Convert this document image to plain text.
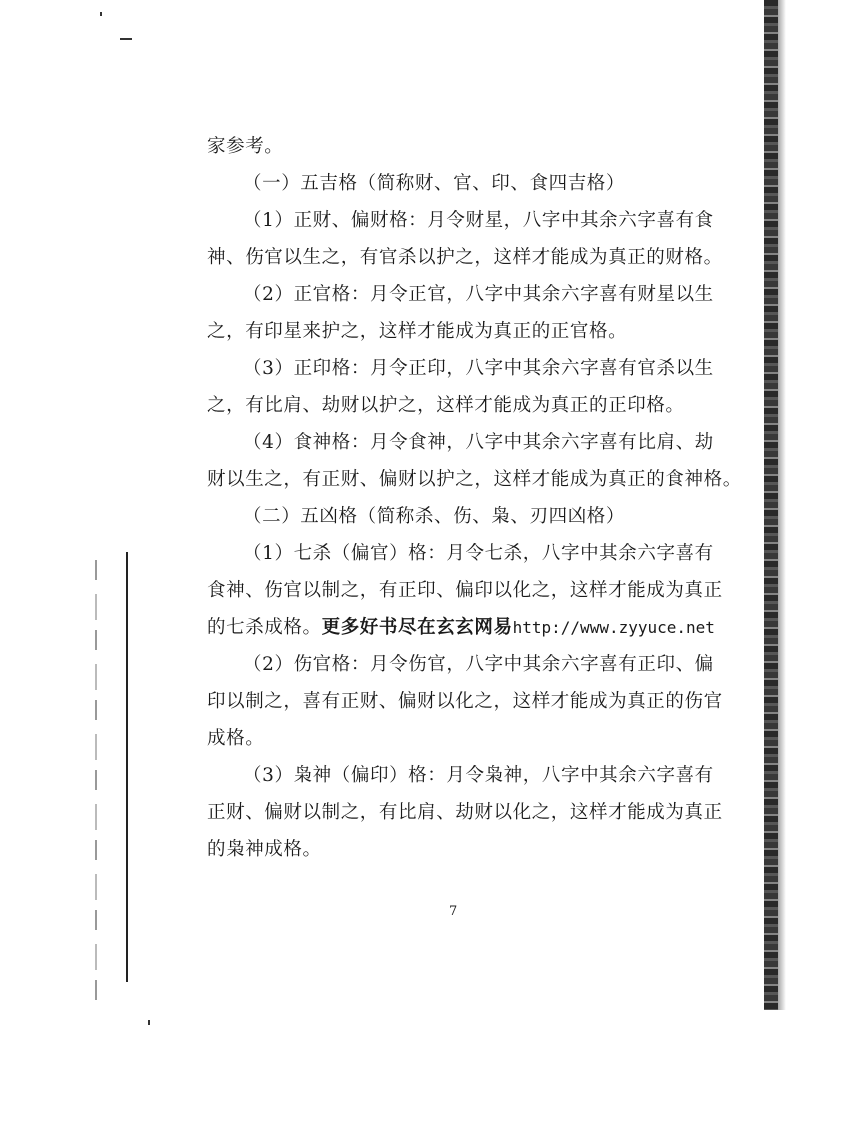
家参考。
（一）五吉格（简称财、官、印、食四吉格）
（1）正财、偏财格：月令财星，八字中其余六字喜有食
神、伤官以生之，有官杀以护之，这样才能成为真正的财格。
（2）正官格：月令正官，八字中其余六字喜有财星以生
之，有印星来护之，这样才能成为真正的正官格。
（3）正印格：月令正印，八字中其余六字喜有官杀以生
之，有比肩、劫财以护之，这样才能成为真正的正印格。
（4）食神格：月令食神，八字中其余六字喜有比肩、劫
财以生之，有正财、偏财以护之，这样才能成为真正的食神格。
（二）五凶格（简称杀、伤、枭、刃四凶格）
（1）七杀（偏官）格：月令七杀，八字中其余六字喜有
食神、伤官以制之，有正印、偏印以化之，这样才能成为真正
的七杀成格。更多好书尽在玄玄网易http://www.zyyuce.net
（2）伤官格：月令伤官，八字中其余六字喜有正印、偏
印以制之，喜有正财、偏财以化之，这样才能成为真正的伤官
成格。
（3）枭神（偏印）格：月令枭神，八字中其余六字喜有
正财、偏财以制之，有比肩、劫财以化之，这样才能成为真正
的枭神成格。
7
